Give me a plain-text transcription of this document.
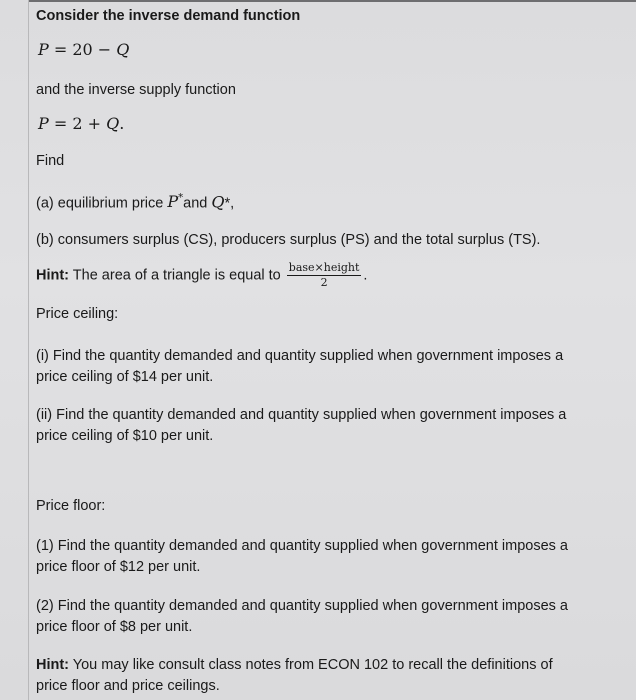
Consider the inverse demand function
P = 20 − Q
and the inverse supply function
P = 2 + Q.
Find
(a) equilibrium price P*and Q*,
(b) consumers surplus (CS), producers surplus (PS) and the total surplus (TS).
Hint: The area of a triangle is equal to $\frac{\text{base×height}}{2}$ .
Price ceiling:
(i) Find the quantity demanded and quantity supplied when government imposes a
price ceiling of $14 per unit.
(ii) Find the quantity demanded and quantity supplied when government imposes a
price ceiling of $10 per unit.
Price floor:
(1) Find the quantity demanded and quantity supplied when government imposes a
price floor of $12 per unit.
(2) Find the quantity demanded and quantity supplied when government imposes a
price floor of $8 per unit.
Hint: You may like consult class notes from ECON 102 to recall the definitions of
price floor and price ceilings.
